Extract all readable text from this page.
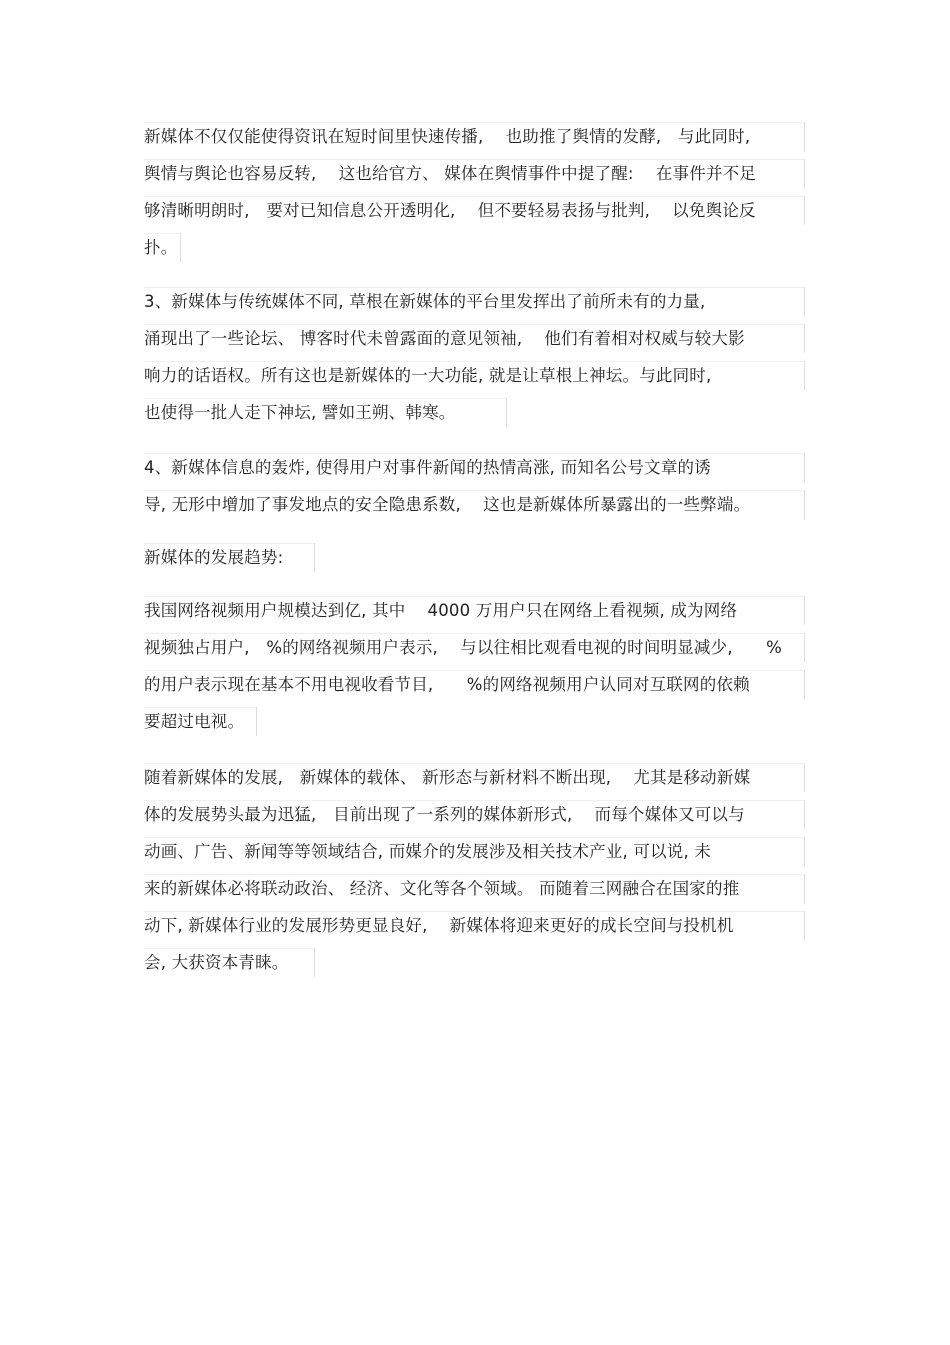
新媒体不仅仅能使得资讯在短时间里快速传播,　 也助推了舆情的发酵,　与此同时,
舆情与舆论也容易反转,　 这也给官方、 媒体在舆情事件中提了醒:　 在事件并不足
够清晰明朗时,　要对已知信息公开透明化,　 但不要轻易表扬与批判,　 以免舆论反
扑。
3、新媒体与传统媒体不同, 草根在新媒体的平台里发挥出了前所未有的力量,
涌现出了一些论坛、 博客时代未曾露面的意见领袖,　 他们有着相对权威与较大影
响力的话语权。所有这也是新媒体的一大功能, 就是让草根上神坛。与此同时,
也使得一批人走下神坛, 譬如王朔、韩寒。
4、新媒体信息的轰炸, 使得用户对事件新闻的热情高涨, 而知名公号文章的诱
导, 无形中增加了事发地点的安全隐患系数,　 这也是新媒体所暴露出的一些弊端。
新媒体的发展趋势:
我国网络视频用户规模达到亿, 其中　 4000 万用户只在网络上看视频, 成为网络
视频独占用户,　%的网络视频用户表示,　 与以往相比观看电视的时间明显减少,　　%
的用户表示现在基本不用电视收看节目,　　%的网络视频用户认同对互联网的依赖
要超过电视。
随着新媒体的发展,　新媒体的载体、 新形态与新材料不断出现,　 尤其是移动新媒
体的发展势头最为迅猛,　目前出现了一系列的媒体新形式,　 而每个媒体又可以与
动画、广告、新闻等等领域结合, 而媒介的发展涉及相关技术产业, 可以说, 未
来的新媒体必将联动政治、 经济、文化等各个领域。 而随着三网融合在国家的推
动下, 新媒体行业的发展形势更显良好,　 新媒体将迎来更好的成长空间与投机机
会, 大获资本青睐。
